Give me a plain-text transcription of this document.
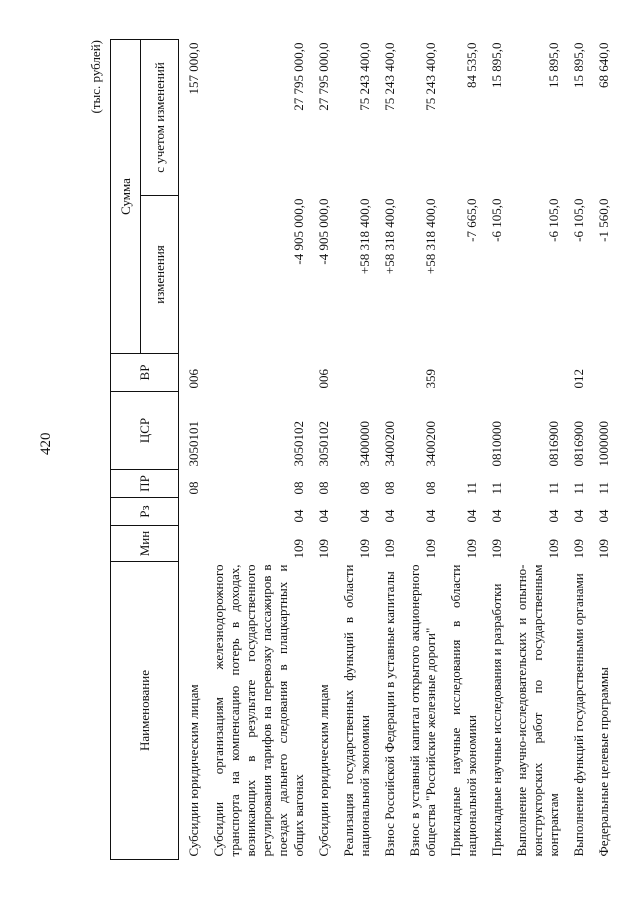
420
(тыс. рублей)
Наименование	Мин	Рз	ПР	ЦСР	ВР	Сумма	
						изменения	с учетом изменений
Субсидии юридическим лицам			08	3050101	006		157 000,0
Субсидии организациям железнодорожного транспорта на компенсацию потерь в доходах, возникающих в результате государственного регулирования тарифов на перевозку пассажиров в поездах дальнего следования в плацкартных и общих вагонах	109	04	08	3050102		-4 905 000,0	27 795 000,0
Субсидии юридическим лицам	109	04	08	3050102	006	-4 905 000,0	27 795 000,0
Реализация государственных функций в области национальной экономики	109	04	08	3400000		+58 318 400,0	75 243 400,0
Взнос Российской Федерации в уставные капиталы	109	04	08	3400200		+58 318 400,0	75 243 400,0
Взнос в уставный капитал открытого акционерного общества "Российские железные дороги"	109	04	08	3400200	359	+58 318 400,0	75 243 400,0
Прикладные научные исследования в области национальной экономики	109	04	11			-7 665,0	84 535,0
Прикладные научные исследования и разработки	109	04	11	0810000		-6 105,0	15 895,0
Выполнение научно-исследовательских и опытно-конструкторских работ по государственным контрактам	109	04	11	0816900		-6 105,0	15 895,0
Выполнение функций государственными органами	109	04	11	0816900	012	-6 105,0	15 895,0
Федеральные целевые программы	109	04	11	1000000		-1 560,0	68 640,0
